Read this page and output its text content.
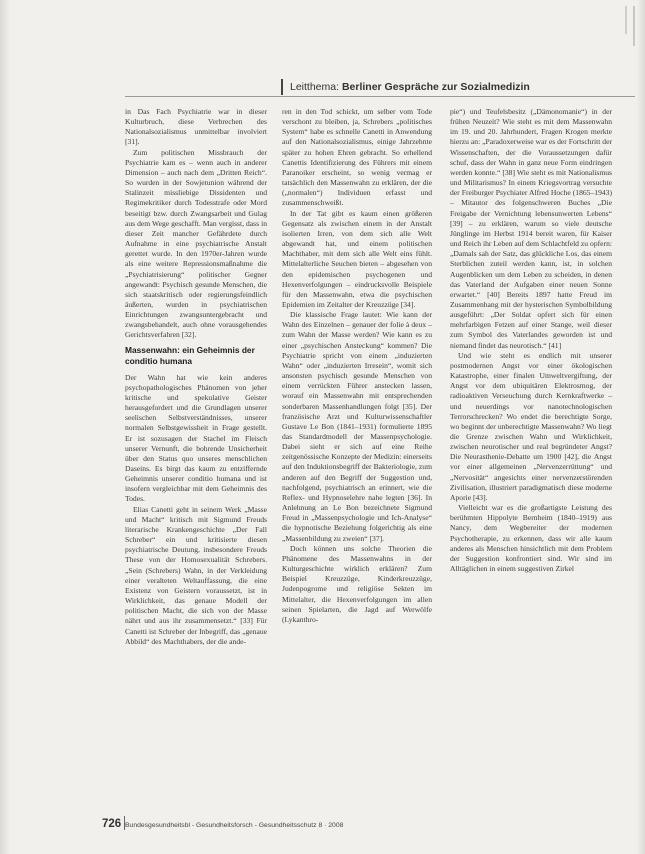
Leitthema: Berliner Gespräche zur Sozialmedizin

in Das Fach Psychiatrie war in dieser Kulturbruch, diese Verbrechen des Nationalsozialismus unmittelbar involviert [31].

Zum politischen Missbrauch der Psychiatrie kam es – wenn auch in anderer Dimension – auch nach dem „Dritten Reich“. So wurden in der Sowjetunion während der Stalinzeit missliebige Dissidenten und Regimekritiker durch Todesstrafe oder Mord beseitigt bzw. durch Zwangsarbeit und Gulag aus dem Wege geschafft. Man vergisst, dass in dieser Zeit mancher Gefährdete durch Aufnahme in eine psychiatrische Anstalt gerettet wurde. In den 1970er-Jahren wurde als eine weitere Repressionsmaßnahme die „Psychiatrisierung“ politischer Gegner angewandt: Psychisch gesunde Menschen, die sich staatskritisch oder regierungsfeindlich äußerten, wurden in psychiatrischen Einrichtungen zwangsuntergebracht und zwangsbehandelt, auch ohne vorausgehendes Gerichtsverfahren [32].

Massenwahn: ein Geheimnis der conditio humana

Der Wahn hat wie kein anderes psychopathologisches Phänomen von jeher kritische und spekulative Geister herausgefordert und die Grundlagen unserer seelischen Selbstverständnisses, unserer normalen Selbstgewissheit in Frage gestellt. Er ist sozusagen der Stachel im Fleisch unserer Vernunft, die bohrende Unsicherheit über den Status quo unseres menschlichen Daseins. Es birgt das kaum zu entziffernde Geheimnis unserer conditio humana und ist insofern vergleichbar mit dem Geheimnis des Todes.

Elias Canetti geht in seinem Werk „Masse und Macht“ kritisch mit Sigmund Freuds literarische Krankengeschichte „Der Fall Schreber“ ein und kritisierte diesen psychiatrische Deutung, insbesondere Freuds These von der Homosexualität Schrebers. „Sein (Schrebers) Wahn, in der Verkleidung einer veralteten Weltauffassung, die eine Existenz von Geistern voraussetzt, ist in Wirklichkeit, das genaue Modell der politischen Macht, die sich von der Masse nährt und aus ihr zusammensetzt.“ [33] Für Canetti ist Schreber der Inbegriff, das „genaue Abbild“ des Machthabers, der die ande-

ren in den Tod schickt, um selber vom Tode verschont zu bleiben, ja, Schrebers „politisches System“ habe es schnelle Canetti in Anwendung auf den Nationalsozialismus, einige Jahrzehnte später zu hohen Ehren gebracht. So erhellend Canettis Identifizierung des Führers mit einem Paranoiker erscheint, so wenig vermag er tatsächlich den Massenwahn zu erklären, der die („normalen“) Individuen erfasst und zusammenschweißt.

In der Tat gibt es kaum einen größeren Gegensatz als zwischen einem in der Anstalt isolierten Irren, von dem sich alle Welt abgewandt hat, und einem politischen Machthaber, mit dem sich alle Welt eins fühlt. Mittelalterliche Seuchen bieten – abgesehen von den epidemischen psychogenen und Hexenverfolgungen – eindrucksvolle Beispiele für den Massenwahn, etwa die psychischen Epidemien im Zeitalter der Kreuzzüge [34].

Die klassische Frage lautet: Wie kann der Wahn des Einzelnen – genauer der folie à deux – zum Wahn der Masse werden? Wie kann es zu einer „psychischen Ansteckung“ kommen? Die Psychiatrie spricht von einem „induzierten Wahn“ oder „induzierten Irresein“, womit sich ansonsten psychisch gesunde Menschen von einem verrückten Führer anstecken lassen, worauf ein Massenwahn mit entsprechenden sonderbaren Massenhandlungen folgt [35]. Der französische Arzt und Kulturwissenschaftler Gustave Le Bon (1841–1931) formulierte 1895 das Standardmodell der Massenpsychologie. Dabei sieht er sich auf eine Reihe zeitgenössische Konzepte der Medizin: einerseits auf den Induktionsbegriff der Bakteriologie, zum anderen auf den Begriff der Suggestion und, nachfolgend, psychiatrisch an erinnert, wie die Reflex- und Hypnoselehre nahe legten [36]. In Anlehnung an Le Bon bezeichnete Sigmund Freud in „Massenpsychologie und Ich-Analyse“ die hypnotische Beziehung folgerichtig als eine „Massenbildung zu zweien“ [37].

Doch können uns solche Theorien die Phänomene des Massenwahns in der Kulturgeschichte wirklich erklären? Zum Beispiel Kreuzzüge, Kinderkreuzzüge, Judenpogrome und religiöse Sekten im Mittelalter, die Hexenverfolgungen im allen seinen Spielarten, die Jagd auf Werwölfe (Lykanthro-

pie“) und Teufelsbesitz („Dämonomanie“) in der frühen Neuzeit? Wie steht es mit dem Massenwahn im 19. und 20. Jahrhundert, Fragen Krogen merkte hierzu an: „Paradoxerweise war es der Fortschritt der Wissenschaften, der die Voraussetzungen dafür schuf, dass der Wahn in ganz neue Form eindringen werden konnte.“ [38] Wie steht es mit Nationalismus und Militarismus? In einem Kriegsvortrag versuchte der Freiburger Psychiater Alfred Hoche (1865–1943) – Mitautor des folgenschweren Buches „Die Freigabe der Vernichtung lebensunwerten Lebens“ [39] – zu erklären, warum so viele deutsche Jünglinge im Herbst 1914 bereit waren, für Kaiser und Reich ihr Leben auf dem Schlachtfeld zu opfern: „Damals sah der Satz, das glückliche Los, das einem Sterblichen zuteil werden kann, ist, in solchen Augenblicken um dem Leben zu scheiden, in denen das Vaterland der Aufgaben einer neuen Sonne erwartet.“ [40] Bereits 1897 hatte Freud im Zusammenhang mit der hysterischen Symbolbildung ausgeführt: „Der Soldat opfert sich für einen mehrfarbigen Fetzen auf einer Stange, weil dieser zum Symbol des Vaterlandes geworden ist und niemand findet das neurotisch.“ [41]

Und wie steht es endlich mit unserer postmodernen Angst vor einer ökologischen Katastrophe, einer finalen Umweltvergiftung, der Angst vor dem ubiquitären Elektrosmog, der radioaktiven Verseuchung durch Kernkraftwerke – und neuerdings vor nanotechnologischen Terrorschrecken? Wo endet die berechtigte Sorge, wo beginnt der unberechtigte Massenwahn? Wo liegt die Grenze zwischen Wahn und Wirklichkeit, zwischen neurotischer und real begründeter Angst? Die Neurasthenie-Debatte um 1900 [42], die Angst vor einer allgemeinen „Nervenzerrüttung“ und „Nervosität“ angesichts einer nervenzerstörenden Zivilisation, illustriert paradigmatisch diese moderne Aporie [43].

Vielleicht war es die großartigste Leistung des berühmten Hippolyte Bernheim (1840–1919) aus Nancy, dem Wegbereiter der modernen Psychotherapie, zu erkennen, dass wir alle kaum anderes als Menschen hinsichtlich mit dem Problem der Suggestion konfrontiert sind. Wir sind im Alltäglichen in einem suggestiven Zirkel

726 Bundesgesundheitsbl - Gesundheitsforsch - Gesundheitsschutz 8 · 2008
